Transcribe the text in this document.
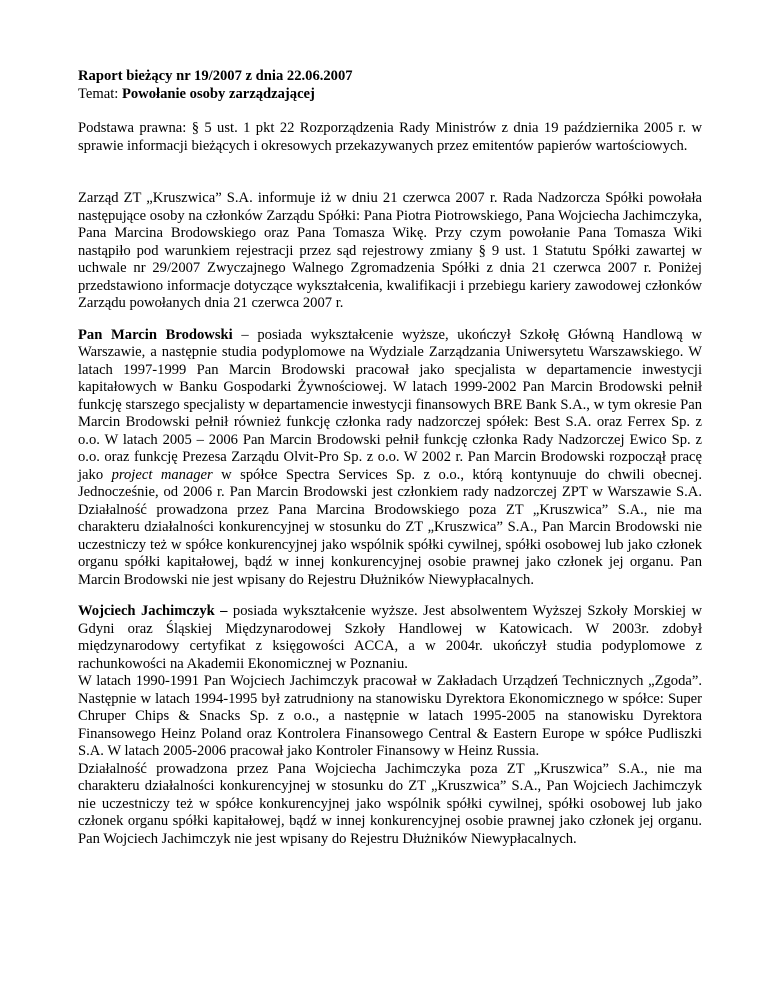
Raport bieżący nr 19/2007 z dnia 22.06.2007

Temat: Powołanie osoby zarządzającej

Podstawa prawna: § 5 ust. 1 pkt 22 Rozporządzenia Rady Ministrów z dnia 19 października 2005 r. w sprawie informacji bieżących i okresowych przekazywanych przez emitentów papierów wartościowych.

Zarząd ZT „Kruszwica” S.A. informuje iż w dniu 21 czerwca 2007 r. Rada Nadzorcza Spółki powołała następujące osoby na członków Zarządu Spółki: Pana Piotra Piotrowskiego, Pana Wojciecha Jachimczyka, Pana Marcina Brodowskiego oraz Pana Tomasza Wikę. Przy czym powołanie Pana Tomasza Wiki nastąpiło pod warunkiem rejestracji przez sąd rejestrowy zmiany § 9 ust. 1 Statutu Spółki zawartej w uchwale nr 29/2007 Zwyczajnego Walnego Zgromadzenia Spółki z dnia 21 czerwca 2007 r. Poniżej przedstawiono informacje dotyczące wykształcenia, kwalifikacji i przebiegu kariery zawodowej członków Zarządu powołanych dnia 21 czerwca 2007 r.

Pan Marcin Brodowski – posiada wykształcenie wyższe, ukończył Szkołę Główną Handlową w Warszawie, a następnie studia podyplomowe na Wydziale Zarządzania Uniwersytetu Warszawskiego. W latach 1997-1999 Pan Marcin Brodowski pracował jako specjalista w departamencie inwestycji kapitałowych w Banku Gospodarki Żywnościowej. W latach 1999-2002 Pan Marcin Brodowski pełnił funkcję starszego specjalisty w departamencie inwestycji finansowych BRE Bank S.A., w tym okresie Pan Marcin Brodowski pełnił również funkcję członka rady nadzorczej spółek: Best S.A. oraz Ferrex Sp. z o.o. W latach 2005 – 2006 Pan Marcin Brodowski pełnił funkcję członka Rady Nadzorczej Ewico Sp. z o.o. oraz funkcję Prezesa Zarządu Olvit-Pro Sp. z o.o. W 2002 r. Pan Marcin Brodowski rozpoczął pracę jako project manager w spółce Spectra Services Sp. z o.o., którą kontynuuje do chwili obecnej. Jednocześnie, od 2006 r. Pan Marcin Brodowski jest członkiem rady nadzorczej ZPT w Warszawie S.A. Działalność prowadzona przez Pana Marcina Brodowskiego poza ZT „Kruszwica” S.A., nie ma charakteru działalności konkurencyjnej w stosunku do ZT „Kruszwica” S.A., Pan Marcin Brodowski nie uczestniczy też w spółce konkurencyjnej jako wspólnik spółki cywilnej, spółki osobowej lub jako członek organu spółki kapitałowej, bądź w innej konkurencyjnej osobie prawnej jako członek jej organu. Pan Marcin Brodowski nie jest wpisany do Rejestru Dłużników Niewypłacalnych.

Wojciech Jachimczyk – posiada wykształcenie wyższe. Jest absolwentem Wyższej Szkoły Morskiej w Gdyni oraz Śląskiej Międzynarodowej Szkoły Handlowej w Katowicach. W 2003r. zdobył międzynarodowy certyfikat z księgowości ACCA, a w 2004r. ukończył studia podyplomowe z rachunkowości na Akademii Ekonomicznej w Poznaniu.

W latach 1990-1991 Pan Wojciech Jachimczyk pracował w Zakładach Urządzeń Technicznych „Zgoda”. Następnie w latach 1994-1995 był zatrudniony na stanowisku Dyrektora Ekonomicznego w spółce: Super Chruper Chips & Snacks Sp. z o.o., a następnie w latach 1995-2005 na stanowisku Dyrektora Finansowego Heinz Poland oraz Kontrolera Finansowego Central & Eastern Europe w spółce Pudliszki S.A. W latach 2005-2006 pracował jako Kontroler Finansowy w Heinz Russia.

Działalność prowadzona przez Pana Wojciecha Jachimczyka poza ZT „Kruszwica” S.A., nie ma charakteru działalności konkurencyjnej w stosunku do ZT „Kruszwica” S.A., Pan Wojciech Jachimczyk nie uczestniczy też w spółce konkurencyjnej jako wspólnik spółki cywilnej, spółki osobowej lub jako członek organu spółki kapitałowej, bądź w innej konkurencyjnej osobie prawnej jako członek jej organu. Pan Wojciech Jachimczyk nie jest wpisany do Rejestru Dłużników Niewypłacalnych.
